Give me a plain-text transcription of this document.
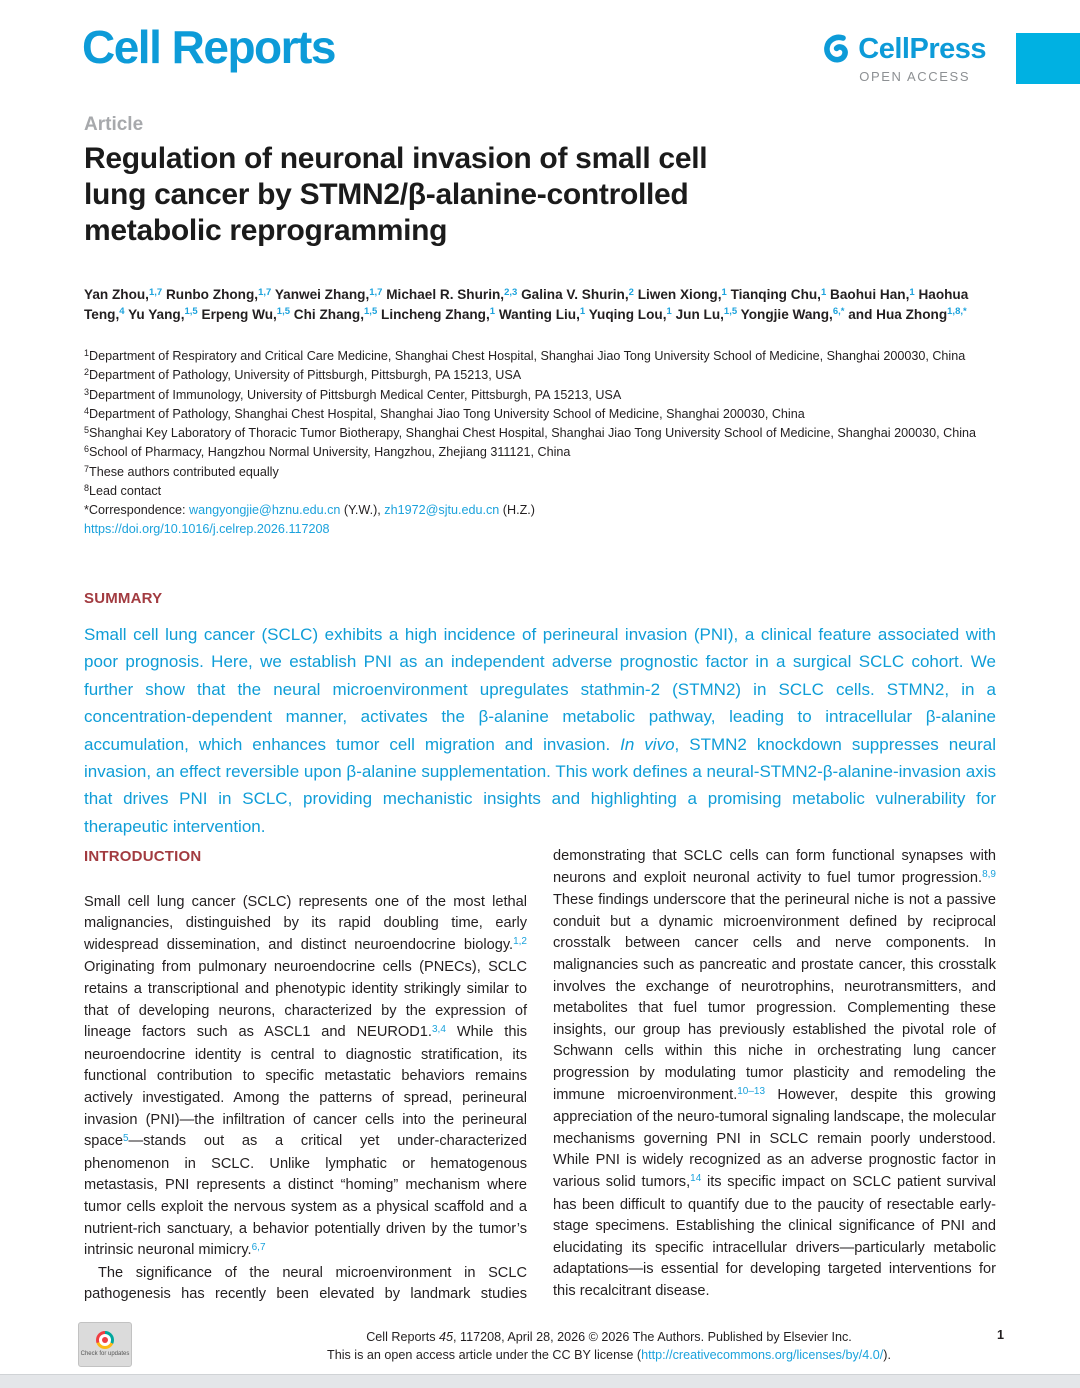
Cell Reports	CellPress
OPEN ACCESS
Article
Regulation of neuronal invasion of small cell
lung cancer by STMN2/β-alanine-controlled
metabolic reprogramming
Yan Zhou,$^{1,7}$ Runbo Zhong,$^{1,7}$ Yanwei Zhang,$^{1,7}$ Michael R. Shurin,$^{2,3}$ Galina V. Shurin,$^2$ Liwen Xiong,$^1$ Tianqing Chu,$^1$ Baohui Han,$^1$ Haohua Teng,$^4$ Yu Yang,$^{1,5}$ Erpeng Wu,$^{1,5}$ Chi Zhang,$^{1,5}$ Lincheng Zhang,$^1$ Wanting Liu,$^1$ Yuqing Lou,$^1$ Jun Lu,$^{1,5}$ Yongjie Wang,$^{6,*}$ and Hua Zhong$^{1,8,*}$
$^1$Department of Respiratory and Critical Care Medicine, Shanghai Chest Hospital, Shanghai Jiao Tong University School of Medicine, Shanghai 200030, China
$^2$Department of Pathology, University of Pittsburgh, Pittsburgh, PA 15213, USA
$^3$Department of Immunology, University of Pittsburgh Medical Center, Pittsburgh, PA 15213, USA
$^4$Department of Pathology, Shanghai Chest Hospital, Shanghai Jiao Tong University School of Medicine, Shanghai 200030, China
$^5$Shanghai Key Laboratory of Thoracic Tumor Biotherapy, Shanghai Chest Hospital, Shanghai Jiao Tong University School of Medicine, Shanghai 200030, China
$^6$School of Pharmacy, Hangzhou Normal University, Hangzhou, Zhejiang 311121, China
$^7$These authors contributed equally
$^8$Lead contact
*Correspondence: wangyongjie@hznu.edu.cn (Y.W.), zh1972@sjtu.edu.cn (H.Z.)
https://doi.org/10.1016/j.celrep.2026.117208
SUMMARY

Small cell lung cancer (SCLC) exhibits a high incidence of perineural invasion (PNI), a clinical feature associated with poor prognosis. Here, we establish PNI as an independent adverse prognostic factor in a surgical SCLC cohort. We further show that the neural microenvironment upregulates stathmin-2 (STMN2) in SCLC cells. STMN2, in a concentration-dependent manner, activates the β-alanine metabolic pathway, leading to intracellular β-alanine accumulation, which enhances tumor cell migration and invasion. In vivo, STMN2 knockdown suppresses neural invasion, an effect reversible upon β-alanine supplementation. This work defines a neural-STMN2-β-alanine-invasion axis that drives PNI in SCLC, providing mechanistic insights and highlighting a promising metabolic vulnerability for therapeutic intervention.

INTRODUCTION

Small cell lung cancer (SCLC) represents one of the most lethal malignancies, distinguished by its rapid doubling time, early widespread dissemination, and distinct neuroendocrine biology.$^{1,2}$ Originating from pulmonary neuroendocrine cells (PNECs), SCLC retains a transcriptional and phenotypic identity strikingly similar to that of developing neurons, characterized by the expression of lineage factors such as ASCL1 and NEUROD1.$^{3,4}$ While this neuroendocrine identity is central to diagnostic stratification, its functional contribution to specific metastatic behaviors remains actively investigated. Among the patterns of spread, perineural invasion (PNI)—the infiltration of cancer cells into the perineural space$^5$—stands out as a critical yet under-characterized phenomenon in SCLC. Unlike lymphatic or hematogenous metastasis, PNI represents a distinct “homing” mechanism where tumor cells exploit the nervous system as a physical scaffold and a nutrient-rich sanctuary, a behavior potentially driven by the tumor’s intrinsic neuronal mimicry.$^{6,7}$

The significance of the neural microenvironment in SCLC pathogenesis has recently been elevated by landmark studies demonstrating that SCLC cells can form functional synapses with neurons and exploit neuronal activity to fuel tumor progression.$^{8,9}$ These findings underscore that the perineural niche is not a passive conduit but a dynamic microenvironment defined by reciprocal crosstalk between cancer cells and nerve components. In malignancies such as pancreatic and prostate cancer, this crosstalk involves the exchange of neurotrophins, neurotransmitters, and metabolites that fuel tumor progression. Complementing these insights, our group has previously established the pivotal role of Schwann cells within this niche in orchestrating lung cancer progression by modulating tumor plasticity and remodeling the immune microenvironment.$^{10-13}$ However, despite this growing appreciation of the neuro-tumoral signaling landscape, the molecular mechanisms governing PNI in SCLC remain poorly understood. While PNI is widely recognized as an adverse prognostic factor in various solid tumors,$^{14}$ its specific impact on SCLC patient survival has been difficult to quantify due to the paucity of resectable early-stage specimens. Establishing the clinical significance of PNI and elucidating its specific intracellular drivers—particularly metabolic adaptations—is essential for developing targeted interventions for this recalcitrant disease.

Check for updates
Cell Reports 45, 117208, April 28, 2026 © 2026 The Authors. Published by Elsevier Inc.
This is an open access article under the CC BY license (http://creativecommons.org/licenses/by/4.0/).
1
